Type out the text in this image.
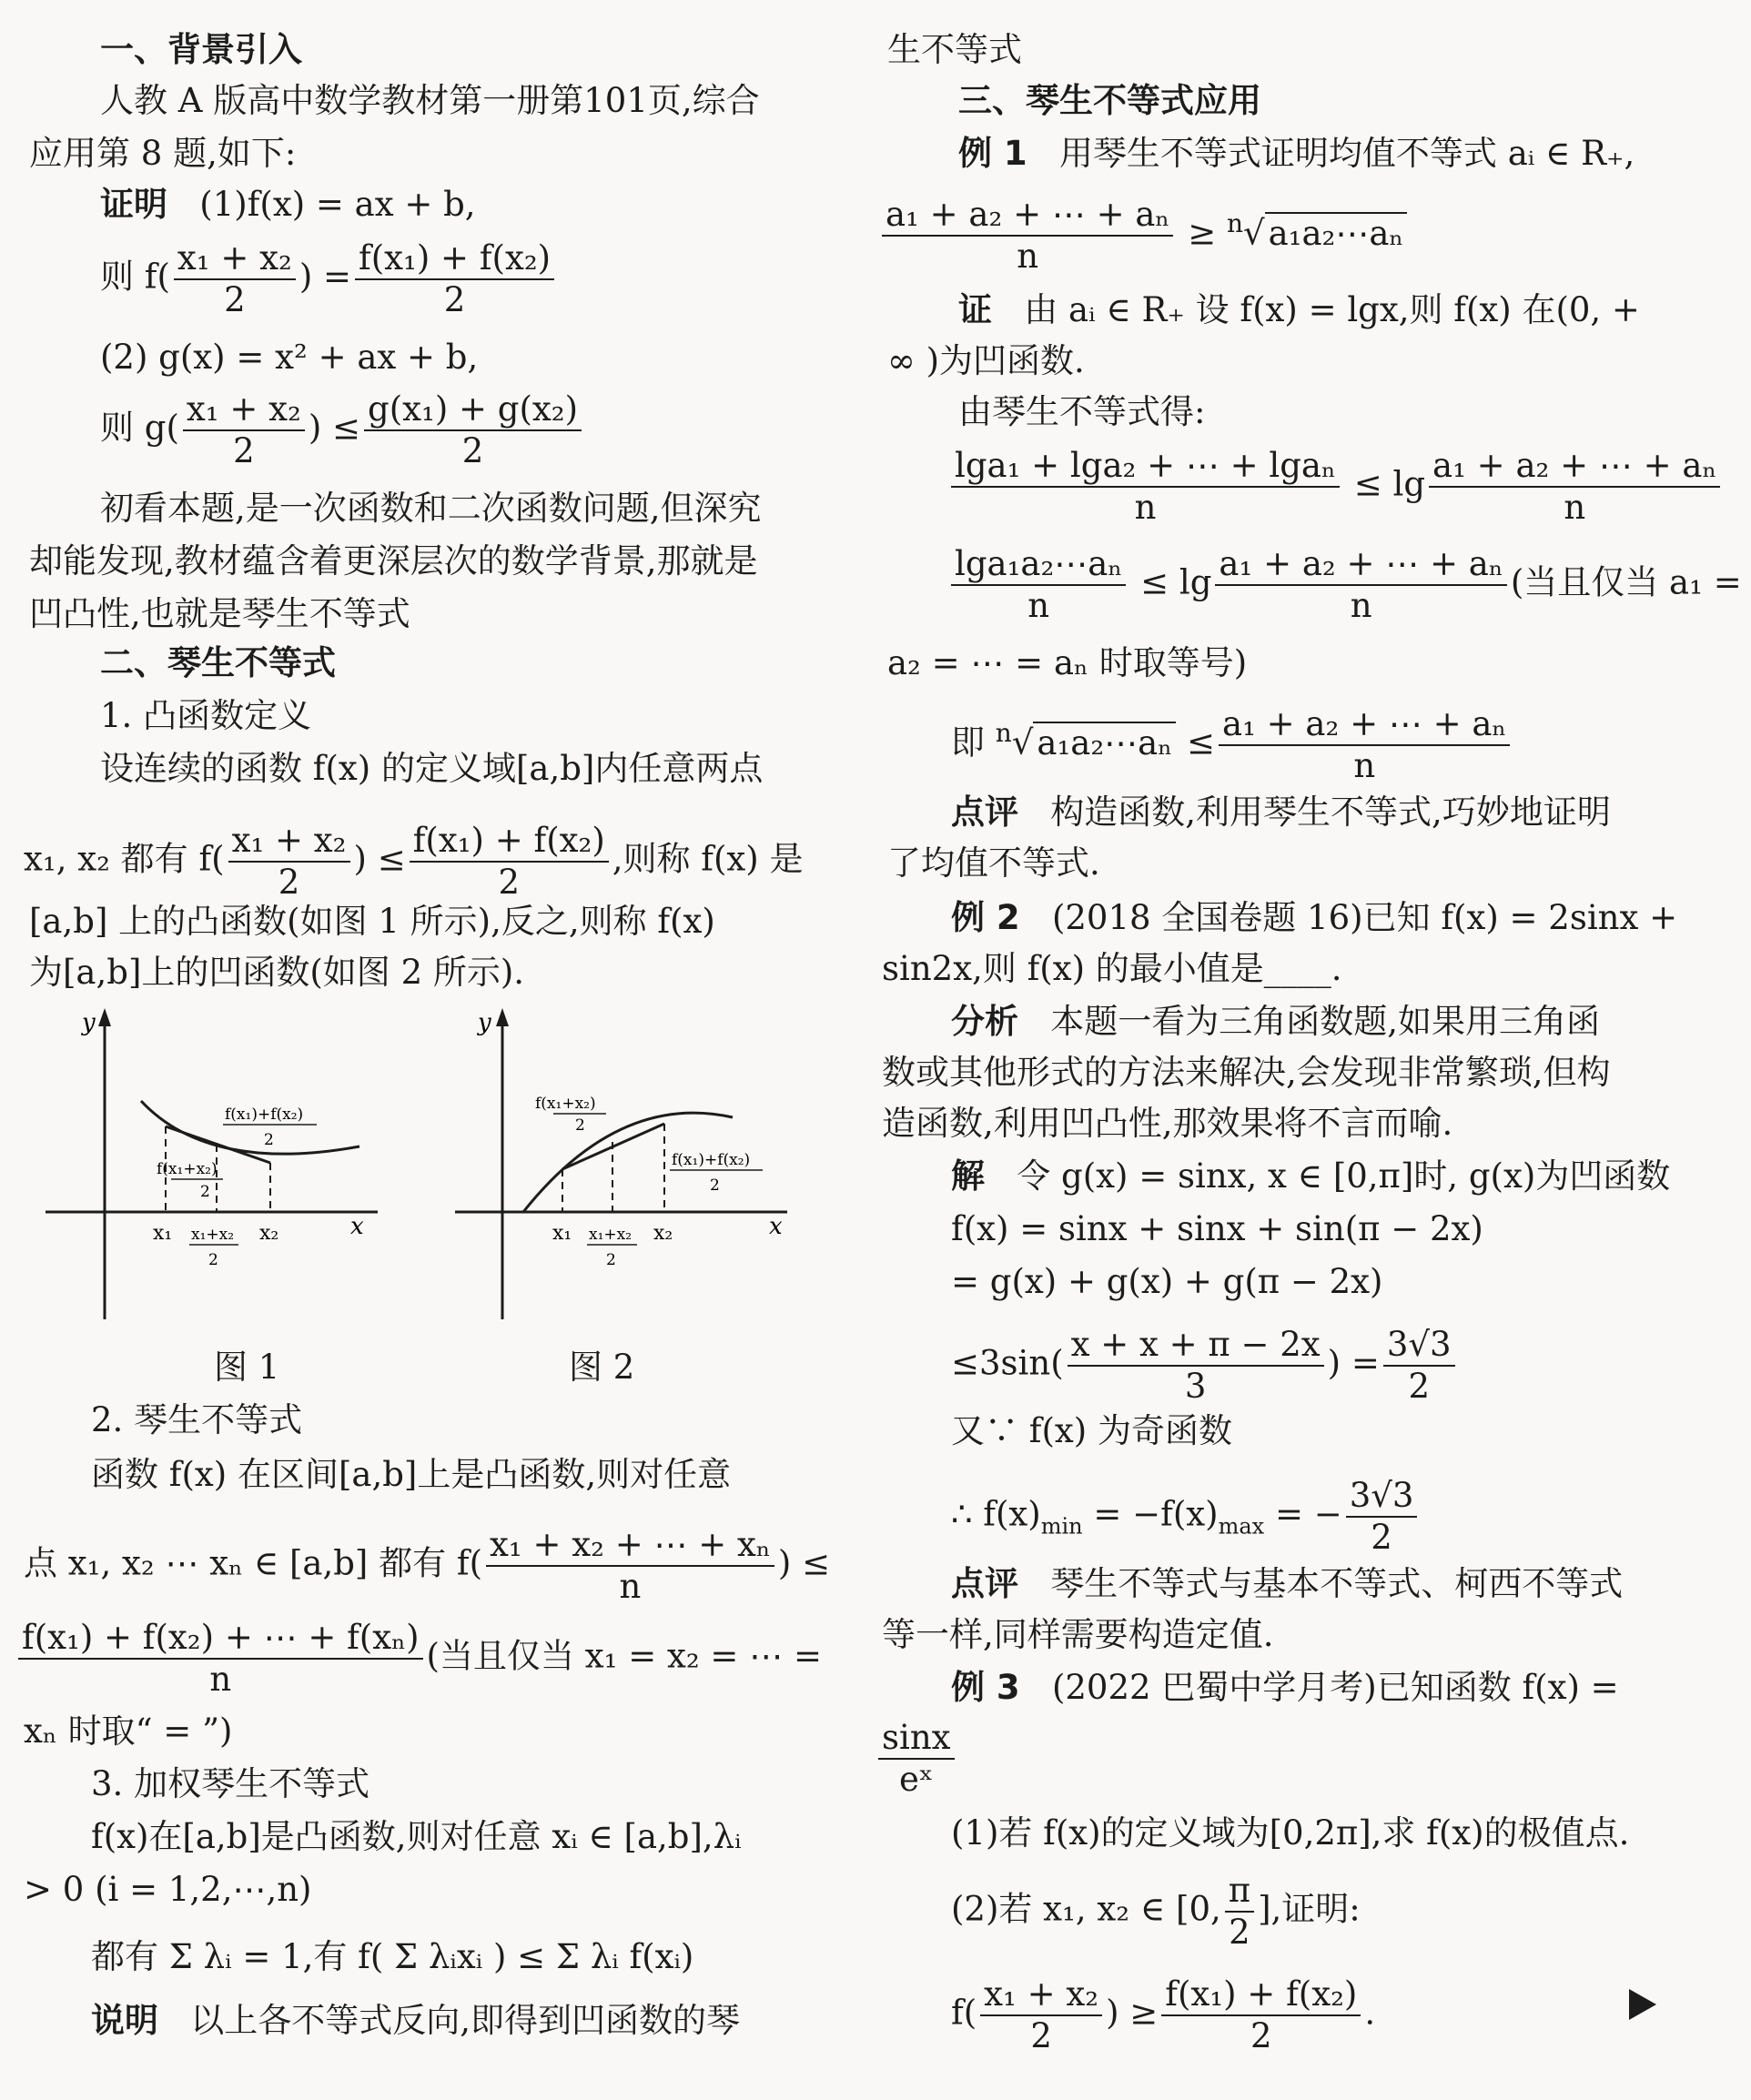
一、背景引入
人教 A 版高中数学教材第一册第101页,综合
应用第 8 题,如下:
证明 (1)f(x) = ax + b,
则 $f( \frac{\text{x₁ + x₂}}{2}$ ) = $\frac{\text{f(x₁) + f(x₂)}}{2}$
(2) g(x) = x² + ax + b,
则 $g( \frac{\text{x₁ + x₂}}{2}$ ) ≤ $\frac{\text{g(x₁) + g(x₂)}}{2}$
初看本题,是一次函数和二次函数问题,但深究
却能发现,教材蕴含着更深层次的数学背景,那就是
凹凸性,也就是琴生不等式
二、琴生不等式
1. 凸函数定义
设连续的函数 f(x) 的定义域[a,b]内任意两点
x₁, x₂ 都有 $f( \frac{\text{x₁ + x₂}}{2}$ ) ≤ $\frac{\text{f(x₁) + f(x₂)}}{2}$ ,则称 f(x) 是
[a,b] 上的凸函数(如图 1 所示),反之,则称 f(x)
为[a,b]上的凹函数(如图 2 所示).
y
x
x₁	x₂
x₁+x₂
2
f(x₁)+f(x₂)
2
f(x₁+x₂)
2
图 1
y
x
x₁	x₂
x₁+x₂
2
f(x₁+x₂)
2
f(x₁)+f(x₂)
2
图 2
2. 琴生不等式
函数 f(x) 在区间[a,b]上是凸函数,则对任意
点 x₁, x₂ ⋯ xₙ ∈ [a,b] 都有 $f( \frac{\text{x₁ + x₂ + ⋯ + xₙ}}{n}$ ) ≤
$\frac{\text{f(x₁) + f(x₂) + ⋯ + f(xₙ)}}{n}$ (当且仅当 x₁ = x₂ = ⋯ =
xₙ 时取“ = ”)
3. 加权琴生不等式
f(x)在[a,b]是凸函数,则对任意 xᵢ ∈ [a,b],λᵢ
> 0 (i = 1,2,⋯,n)
都有 Σ λᵢ = 1,有 f( Σ λᵢxᵢ ) ≤ Σ λᵢ f(xᵢ)
说明 以上各不等式反向,即得到凹函数的琴
生不等式
三、琴生不等式应用
例 1 用琴生不等式证明均值不等式 aᵢ ∈ R₊,
$\frac{\text{a₁ + a₂ + ⋯ + aₙ}}{n} \ge ^n√$ a₁a₂⋯aₙ
证 由 aᵢ ∈ R₊ 设 f(x) = lgx,则 f(x) 在(0, +
∞ )为凹函数.
由琴生不等式得:
$\frac{\text{lga₁ + lga₂ + ⋯ + lgaₙ}}{n} \le \lg \frac{\text{a₁ + a₂ + ⋯ + aₙ}}{n}$
$\frac{\text{lga₁a₂⋯aₙ}}{n} \le \lg \frac{\text{a₁ + a₂ + ⋯ + aₙ}}{n}$ (当且仅当 a₁ =
a₂ = ⋯ = aₙ 时取等号)
即 $^n$√ a₁a₂⋯aₙ ≤ $\frac{\text{a₁ + a₂ + ⋯ + aₙ}}{n}$
点评 构造函数,利用琴生不等式,巧妙地证明
了均值不等式.
例 2 (2018 全国卷题 16)已知 f(x) = 2sinx +
sin2x,则 f(x) 的最小值是____.
分析 本题一看为三角函数题,如果用三角函
数或其他形式的方法来解决,会发现非常繁琐,但构
造函数,利用凹凸性,那效果将不言而喻.
解 令 g(x) = sinx, x ∈ [0,π]时, g(x)为凹函数
f(x) = sinx + sinx + sin(π − 2x)
= g(x) + g(x) + g(π − 2x)
$\le 3\sin( \frac{x + x + \pi - 2x}{3}$ ) = $\frac{3√3}{2}$
又∵ f(x) 为奇函数
∴ $f(x)_{min} = -f(x)_{max}$ = − $\frac{3√3}{2}$
点评 琴生不等式与基本不等式、柯西不等式
等一样,同样需要构造定值.
例 3 (2022 巴蜀中学月考)已知函数 f(x) =
$\frac{\sin x}{\text{eˣ}}$
(1)若 f(x)的定义域为[0,2π],求 f(x)的极值点.
(2)若 x₁, x₂ ∈ [0, $\frac{\pi}{2}$ ],证明:
$f( \frac{\text{x₁ + x₂}}{2}$ ) ≥ $\frac{\text{f(x₁) + f(x₂)}}{2}$ .
